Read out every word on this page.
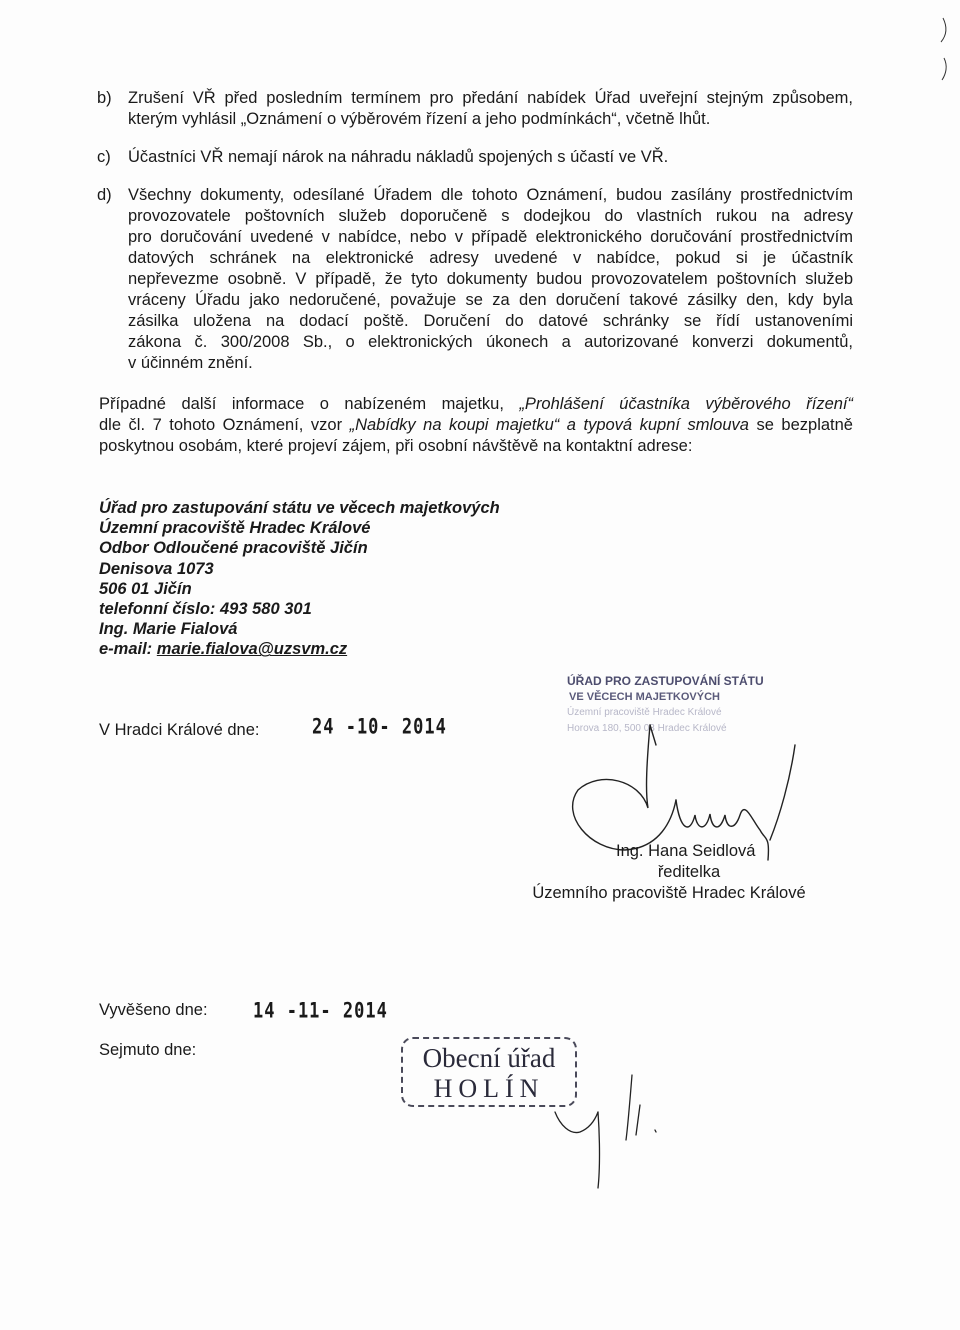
b) Zrušení VŘ před posledním termínem pro předání nabídek Úřad uveřejní stejným způsobem,
kterým vyhlásil „Oznámení o výběrovém řízení a jeho podmínkách“, včetně lhůt.
c)	Účastníci VŘ nemají nárok na náhradu nákladů spojených s účastí ve VŘ.
d) Všechny dokumenty, odesílané Úřadem dle tohoto Oznámení, budou zasílány prostřednictvím
provozovatele poštovních služeb doporučeně s dodejkou do vlastních rukou na adresy
pro doručování uvedené v nabídce, nebo v případě elektronického doručování prostřednictvím
datových schránek na elektronické adresy uvedené v nabídce, pokud si je účastník
nepřevezme osobně. V případě, že tyto dokumenty budou provozovatelem poštovních služeb
vráceny Úřadu jako nedoručené, považuje se za den doručení takové zásilky den, kdy byla
zásilka uložena na dodací poště. Doručení do datové schránky se řídí ustanoveními
zákona č. 300/2008 Sb., o elektronických úkonech a autorizované konverzi dokumentů,
v účinném znění.
Případné další informace o nabízeném majetku, „Prohlášení účastníka výběrového řízení“
dle čl. 7 tohoto Oznámení, vzor „Nabídky na koupi majetku“ a typová kupní smlouva se bezplatně
poskytnou osobám, které projeví zájem, při osobní návštěvě na kontaktní adrese:
Úřad pro zastupování státu ve věcech majetkových
Územní pracoviště Hradec Králové
Odbor Odloučené pracoviště Jičín
Denisova 1073
506 01 Jičín
telefonní číslo: 493 580 301
Ing. Marie Fialová
e-mail: marie.fialova@uzsvm.cz
V Hradci Králové dne:	24 -10- 2014
ÚŘAD PRO ZASTUPOVÁNÍ STÁTU
VE VĚCECH MAJETKOVÝCH
Územní pracoviště Hradec Králové
Horova 180, 500 03 Hradec Králové
Ing. Hana Seidlová
ředitelka
Územního pracoviště Hradec Králové
Vyvěšeno dne:	14 -11- 2014
Sejmuto dne:	Obecní úřad
HOLÍN
